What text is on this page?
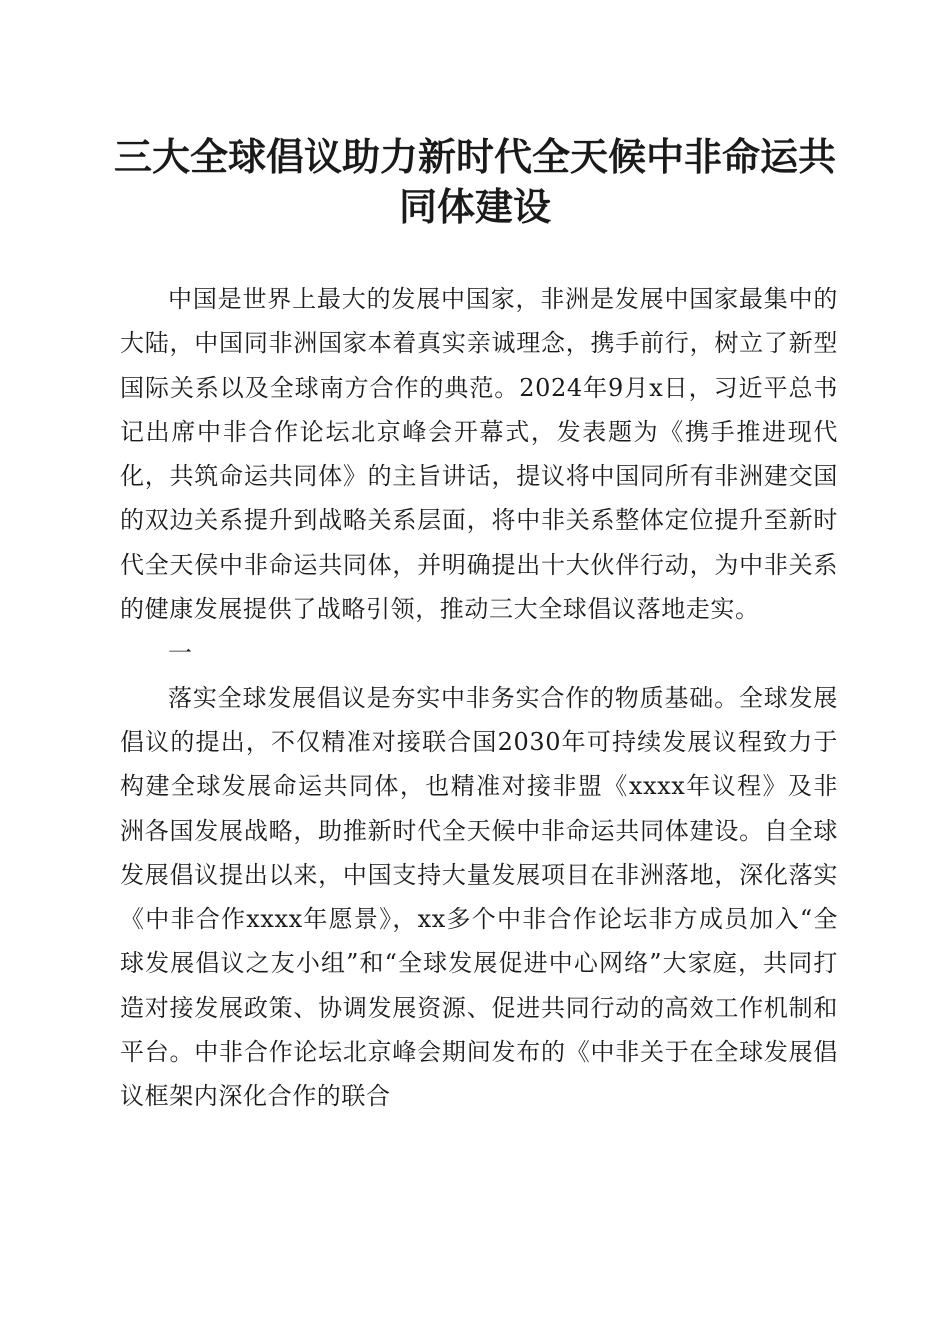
三大全球倡议助力新时代全天候中非命运共同体建设

中国是世界上最大的发展中国家，非洲是发展中国家最集中的大陆，中国同非洲国家本着真实亲诚理念，携手前行，树立了新型国际关系以及全球南方合作的典范。2024年9月x日，习近平总书记出席中非合作论坛北京峰会开幕式，发表题为《携手推进现代化，共筑命运共同体》的主旨讲话，提议将中国同所有非洲建交国的双边关系提升到战略关系层面，将中非关系整体定位提升至新时代全天侯中非命运共同体，并明确提出十大伙伴行动，为中非关系的健康发展提供了战略引领，推动三大全球倡议落地走实。

一

落实全球发展倡议是夯实中非务实合作的物质基础。全球发展倡议的提出，不仅精准对接联合国2030年可持续发展议程致力于构建全球发展命运共同体，也精准对接非盟《xxxx年议程》及非洲各国发展战略，助推新时代全天候中非命运共同体建设。自全球发展倡议提出以来，中国支持大量发展项目在非洲落地，深化落实《中非合作xxxx年愿景》，xx多个中非合作论坛非方成员加入“全球发展倡议之友小组”和“全球发展促进中心网络”大家庭，共同打造对接发展政策、协调发展资源、促进共同行动的高效工作机制和平台。中非合作论坛北京峰会期间发布的《中非关于在全球发展倡议框架内深化合作的联合
